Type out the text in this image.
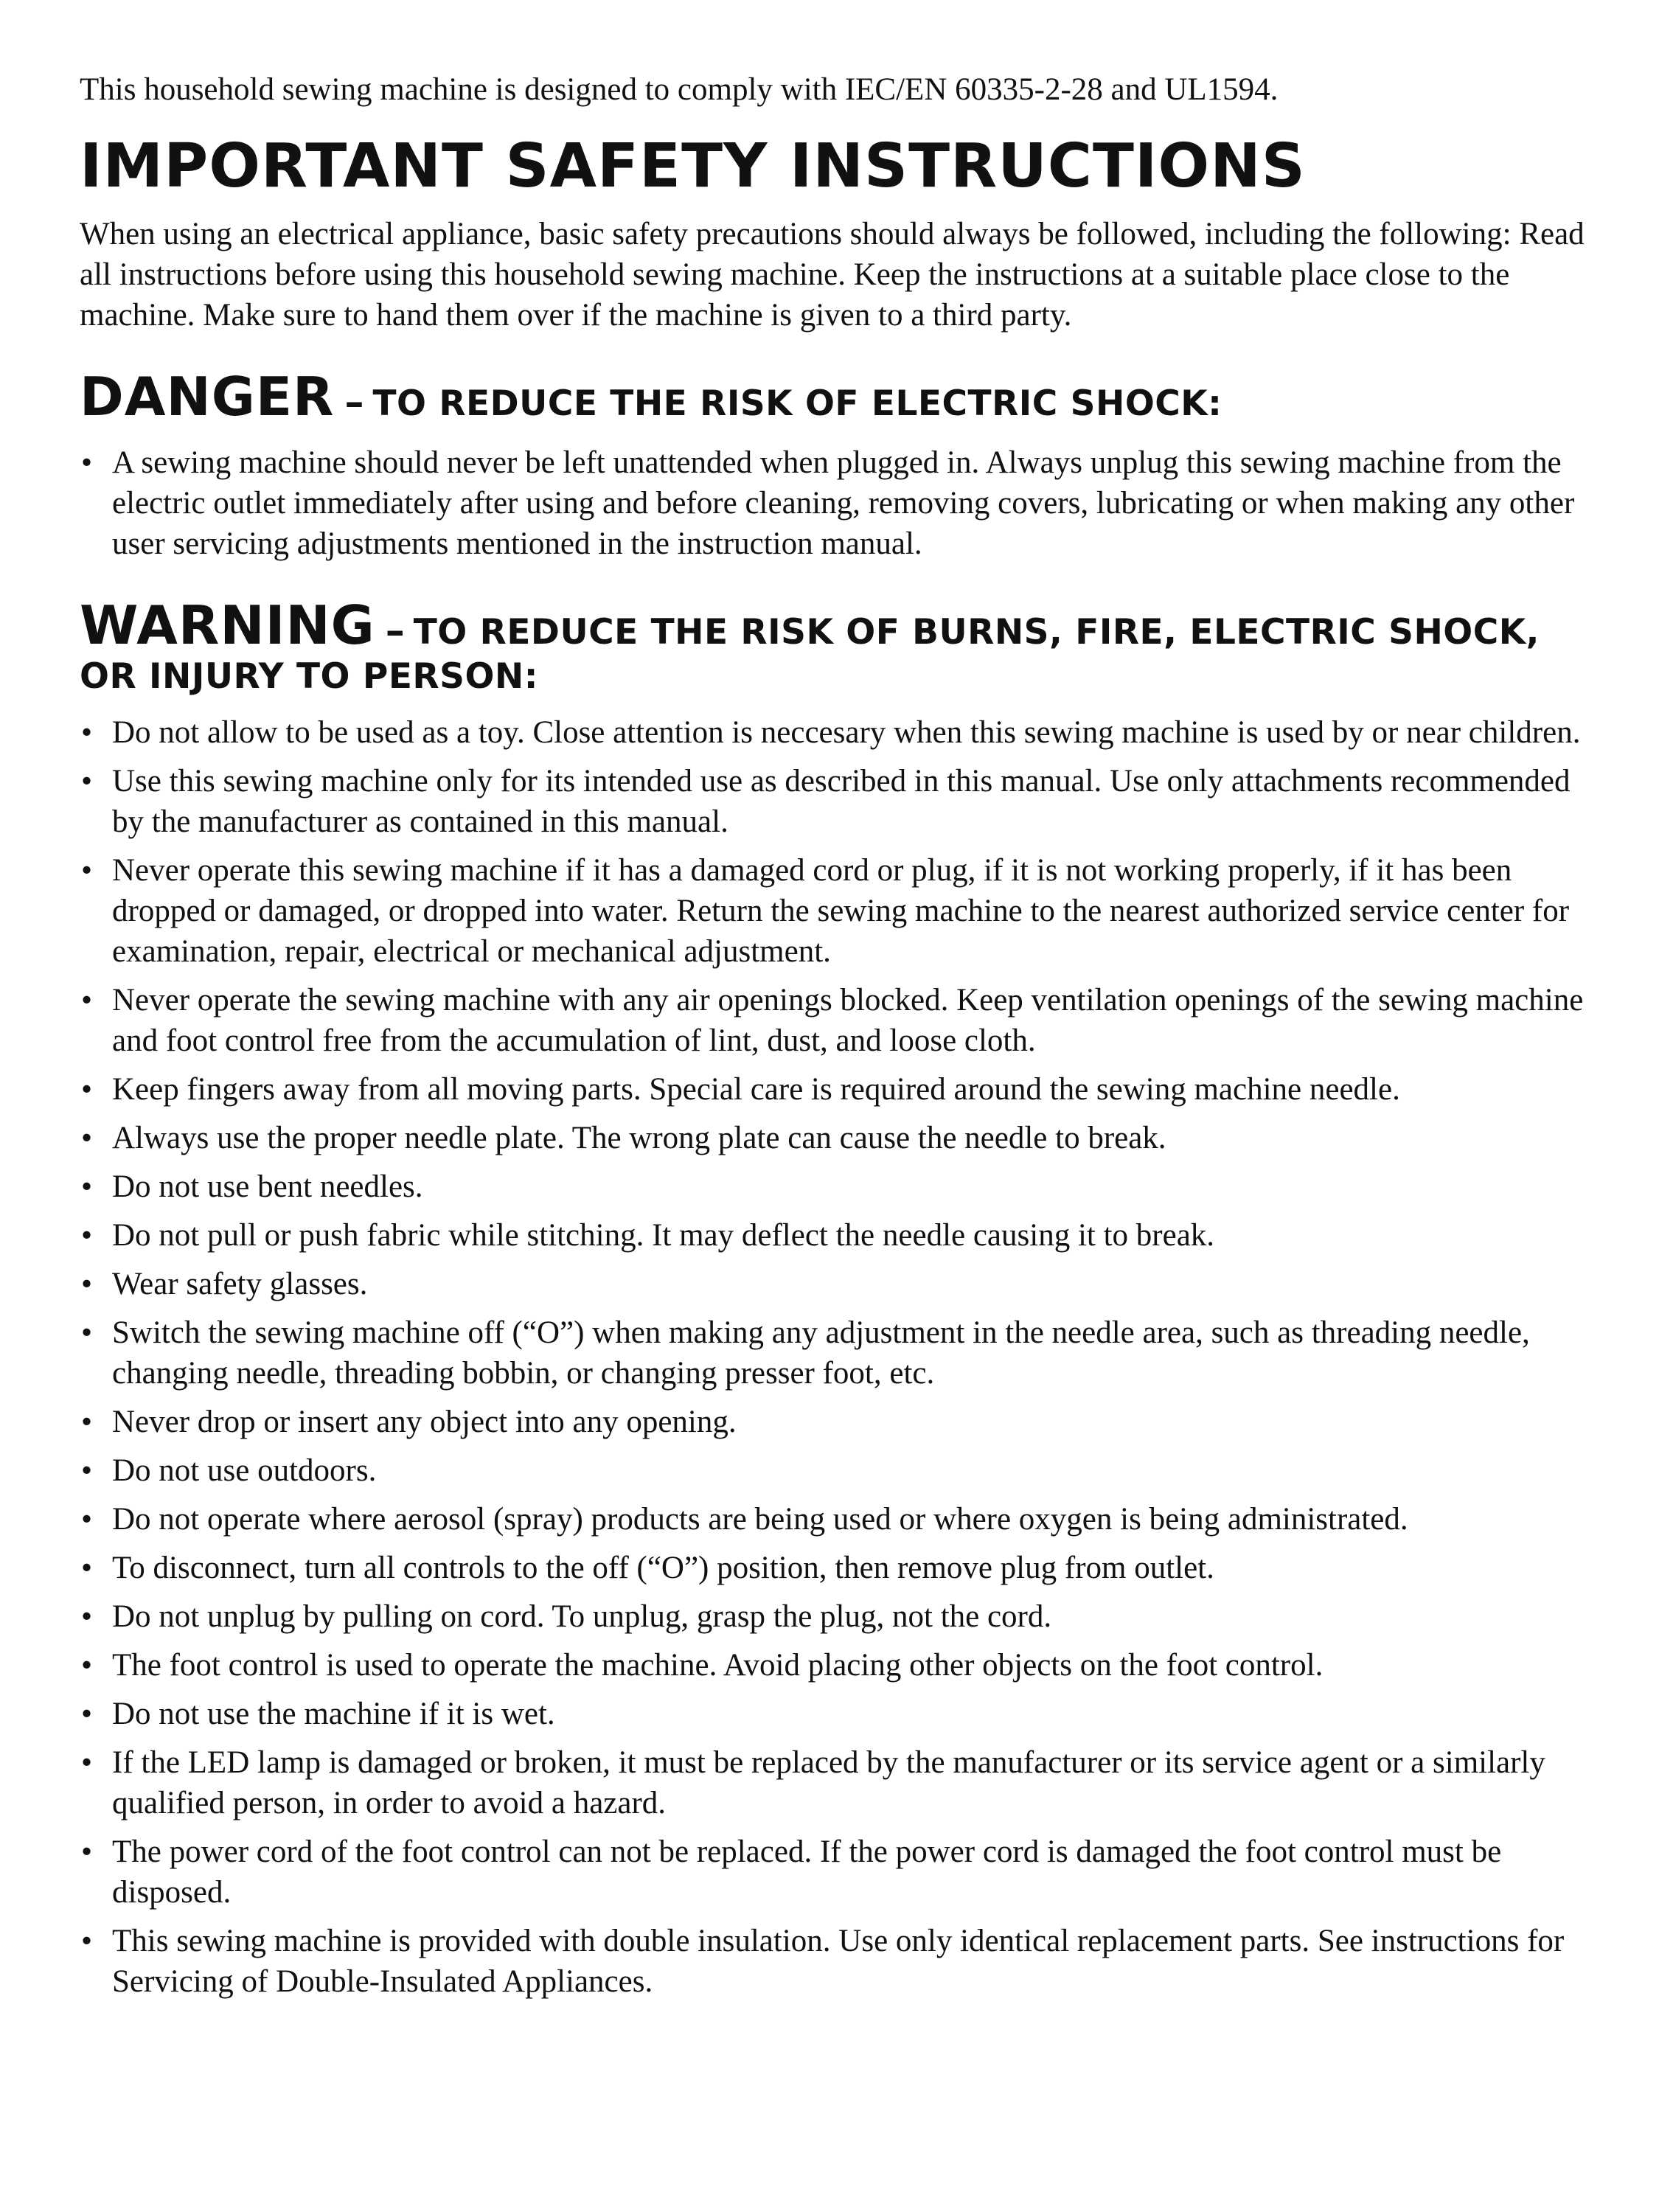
This household sewing machine is designed to comply with IEC/EN 60335-2-28 and UL1594.

IMPORTANT SAFETY INSTRUCTIONS

When using an electrical appliance, basic safety precautions should always be followed, including the following: Read all instructions before using this household sewing machine. Keep the instructions at a suitable place close to the machine. Make sure to hand them over if the machine is given to a third party.

DANGER – TO REDUCE THE RISK OF ELECTRIC SHOCK:
• A sewing machine should never be left unattended when plugged in. Always unplug this sewing machine from the electric outlet immediately after using and before cleaning, removing covers, lubricating or when making any other user servicing adjustments mentioned in the instruction manual.
WARNING – TO REDUCE THE RISK OF BURNS, FIRE, ELECTRIC SHOCK,
OR INJURY TO PERSON:
• Do not allow to be used as a toy. Close attention is neccesary when this sewing machine is used by or near children.
• Use this sewing machine only for its intended use as described in this manual. Use only attachments recommended by the manufacturer as contained in this manual.
• Never operate this sewing machine if it has a damaged cord or plug, if it is not working properly, if it has been dropped or damaged, or dropped into water. Return the sewing machine to the nearest authorized service center for examination, repair, electrical or mechanical adjustment.
• Never operate the sewing machine with any air openings blocked. Keep ventilation openings of the sewing machine and foot control free from the accumulation of lint, dust, and loose cloth.
• Keep fingers away from all moving parts. Special care is required around the sewing machine needle.
• Always use the proper needle plate. The wrong plate can cause the needle to break.
• Do not use bent needles.
• Do not pull or push fabric while stitching. It may deflect the needle causing it to break.
• Wear safety glasses.
• Switch the sewing machine off (“O”) when making any adjustment in the needle area, such as threading needle, changing needle, threading bobbin, or changing presser foot, etc.
• Never drop or insert any object into any opening.
• Do not use outdoors.
• Do not operate where aerosol (spray) products are being used or where oxygen is being administrated.
• To disconnect, turn all controls to the off (“O”) position, then remove plug from outlet.
• Do not unplug by pulling on cord. To unplug, grasp the plug, not the cord.
• The foot control is used to operate the machine. Avoid placing other objects on the foot control.
• Do not use the machine if it is wet.
• If the LED lamp is damaged or broken, it must be replaced by the manufacturer or its service agent or a similarly qualified person, in order to avoid a hazard.
• The power cord of the foot control can not be replaced. If the power cord is damaged the foot control must be disposed.
• This sewing machine is provided with double insulation. Use only identical replacement parts. See instructions for Servicing of Double-Insulated Appliances.
